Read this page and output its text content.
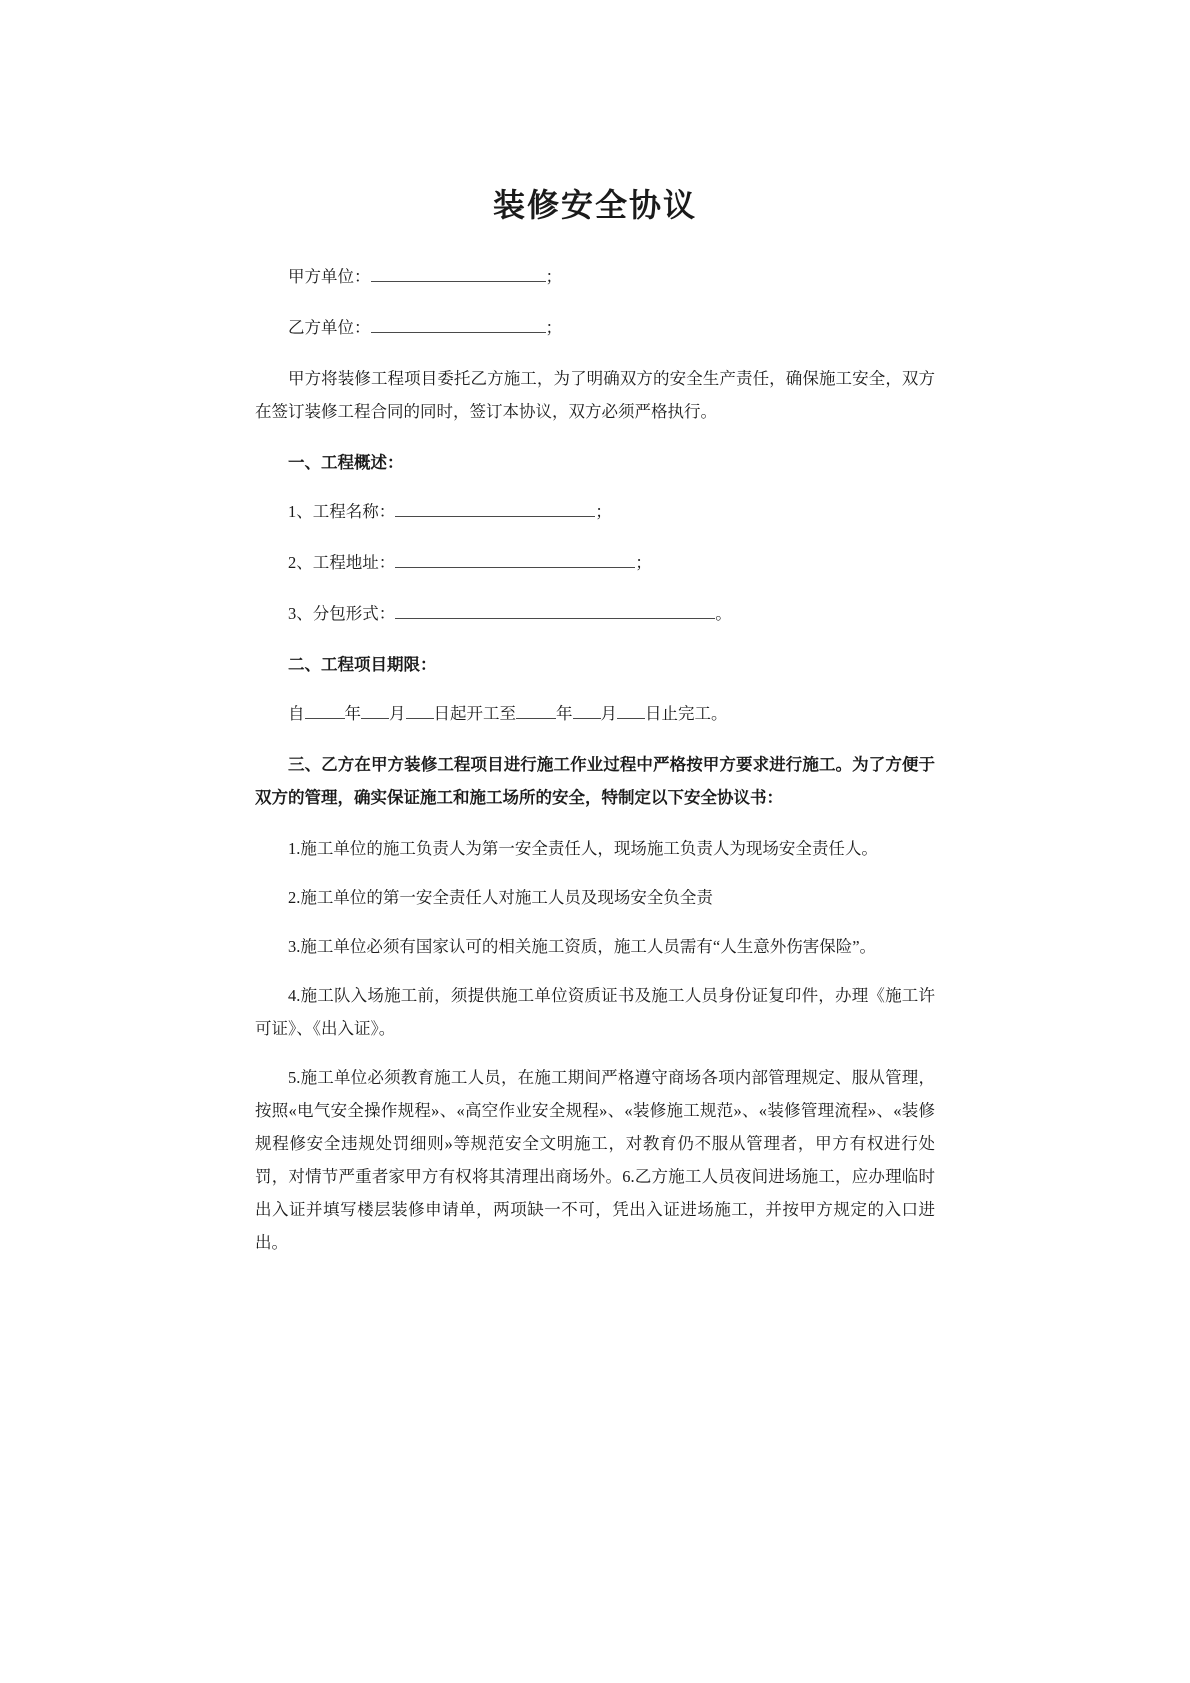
装修安全协议

甲方单位：	；

乙方单位：	；

甲方将装修工程项目委托乙方施工，为了明确双方的安全生产责任，确保施工安全，双方在签订装修工程合同的同时，签订本协议，双方必须严格执行。

一、工程概述：

1、工程名称：	；

2、工程地址：	；

3、分包形式：	。

二、工程项目期限：

自 年 月 日起开工至 年 月 日止完工。

三、乙方在甲方装修工程项目进行施工作业过程中严格按甲方要求进行施工。为了方便于双方的管理，确实保证施工和施工场所的安全，特制定以下安全协议书：

1.施工单位的施工负责人为第一安全责任人，现场施工负责人为现场安全责任人。

2.施工单位的第一安全责任人对施工人员及现场安全负全责

3.施工单位必须有国家认可的相关施工资质，施工人员需有“人生意外伤害保险”。

4.施工队入场施工前，须提供施工单位资质证书及施工人员身份证复印件，办理《施工许可证》、《出入证》。

5.施工单位必须教育施工人员，在施工期间严格遵守商场各项内部管理规定、服从管理，按照«电气安全操作规程»、«高空作业安全规程»、«装修施工规范»、«装修管理流程»、«装修规程修安全违规处罚细则»等规范安全文明施工，对教育仍不服从管理者，甲方有权进行处罚，对情节严重者家甲方有权将其清理出商场外。6.乙方施工人员夜间进场施工，应办理临时出入证并填写楼层装修申请单，两项缺一不可，凭出入证进场施工，并按甲方规定的入口进出。
